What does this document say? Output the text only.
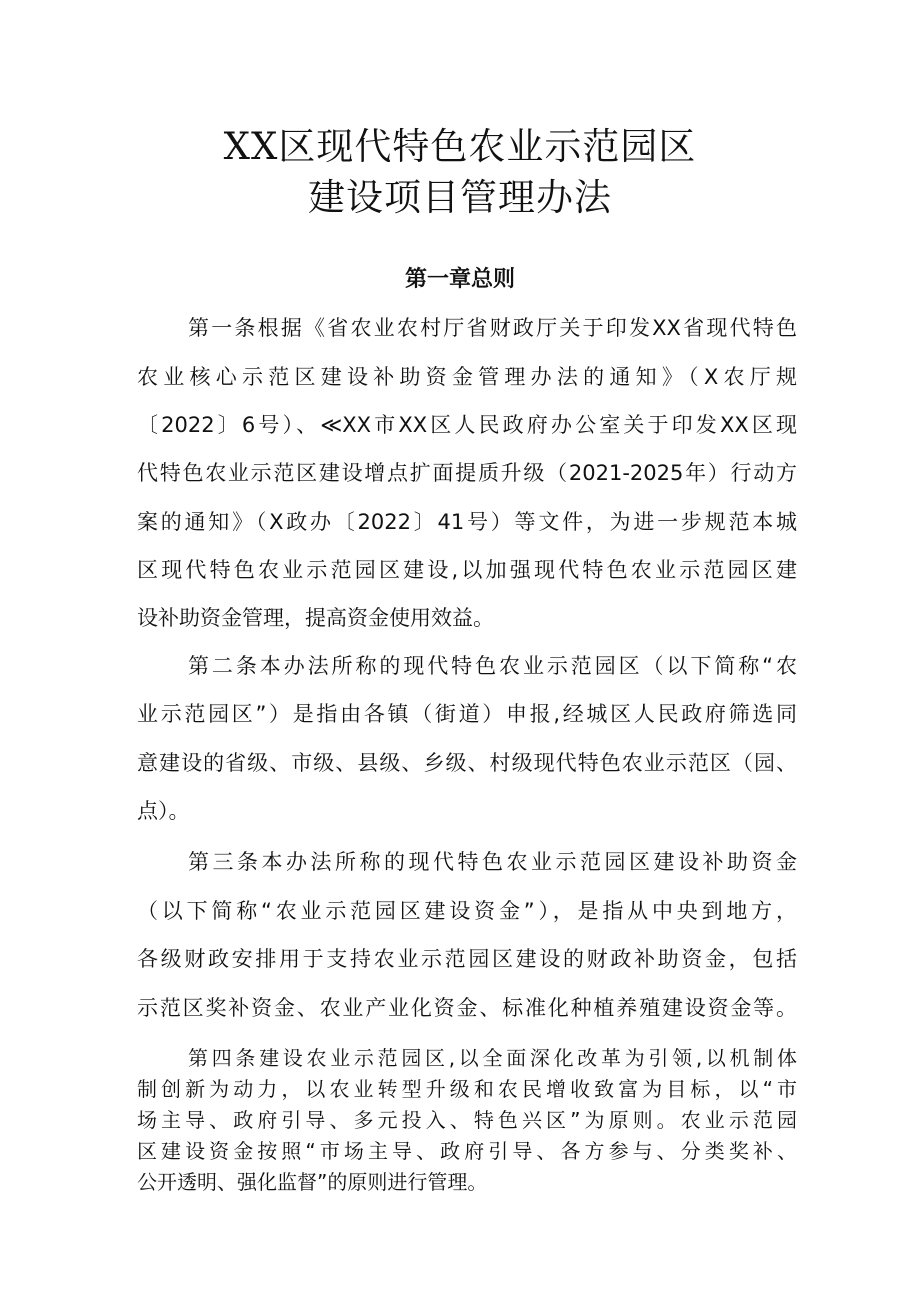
XX区现代特色农业示范园区
建设项目管理办法
第一章总则

第一条根据《省农业农村厅省财政厅关于印发XX省现代特色

农业核心示范区建设补助资金管理办法的通知》（X农厅规

〔2022〕6号）、≪XX市XX区人民政府办公室关于印发XX区现

代特色农业示范区建设增点扩面提质升级（2021-2025年）行动方

案的通知》（X政办〔2022〕41号）等文件，为进一步规范本城

区现代特色农业示范园区建设,以加强现代特色农业示范园区建

设补助资金管理，提高资金使用效益。

第二条本办法所称的现代特色农业示范园区（以下简称“农

业示范园区”）是指由各镇（街道）申报,经城区人民政府筛选同

意建设的省级、市级、县级、乡级、村级现代特色农业示范区（园、

点）。

第三条本办法所称的现代特色农业示范园区建设补助资金

（以下简称“农业示范园区建设资金”），是指从中央到地方，

各级财政安排用于支持农业示范园区建设的财政补助资金，包括

示范区奖补资金、农业产业化资金、标准化种植养殖建设资金等。

第四条建设农业示范园区,以全面深化改革为引领,以机制体

制创新为动力，以农业转型升级和农民增收致富为目标，以“市

场主导、政府引导、多元投入、特色兴区”为原则。农业示范园

区建设资金按照“市场主导、政府引导、各方参与、分类奖补、

公开透明、强化监督”的原则进行管理。
